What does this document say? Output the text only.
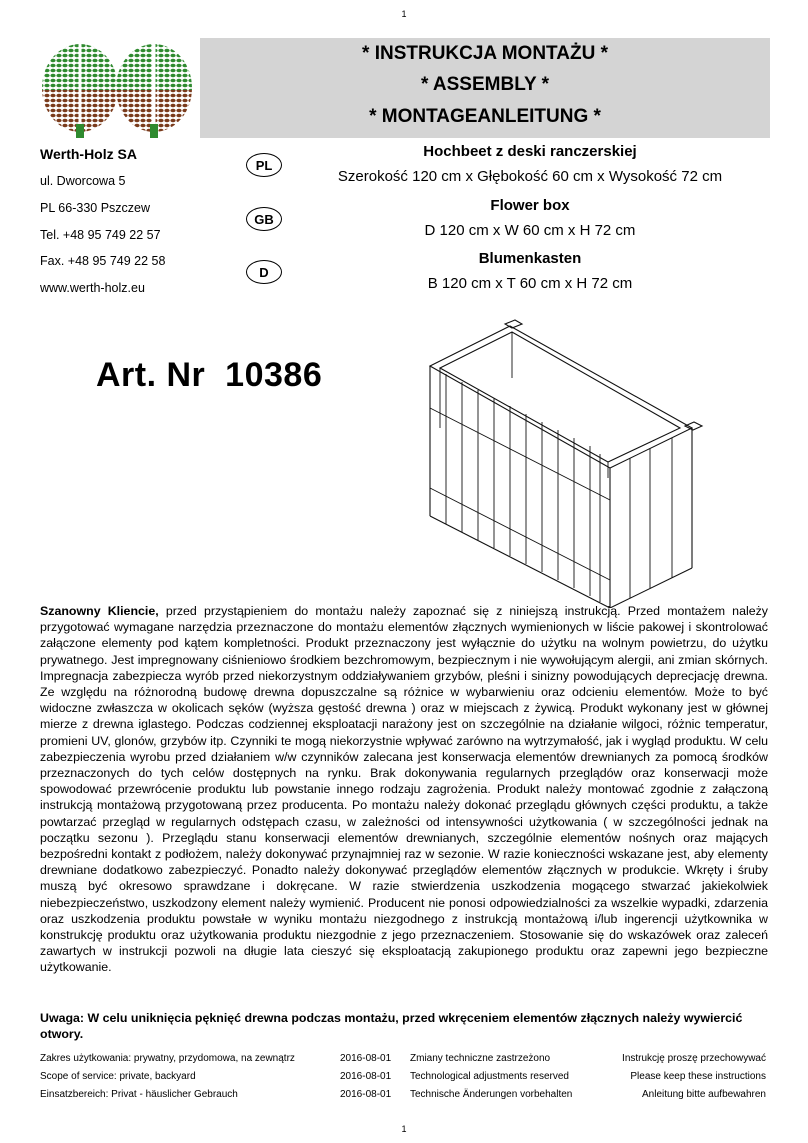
1
* INSTRUKCJA MONTAŻU *
* ASSEMBLY *
* MONTAGEANLEITUNG *
Werth-Holz SA
ul. Dworcowa 5
PL 66-330 Pszczew
Tel. +48 95 749 22 57
Fax. +48 95 749 22 58
www.werth-holz.eu
PL
GB
D
Hochbeet z deski ranczerskiej
Szerokość 120 cm x Głębokość 60 cm x Wysokość 72 cm
Flower box
D 120 cm x W 60 cm x H 72 cm
Blumenkasten
B 120 cm x T 60 cm x H 72 cm
Art. Nr  10386
Szanowny Kliencie, przed przystąpieniem do montażu należy zapoznać się z niniejszą instrukcją. Przed montażem należy przygotować wymagane narzędzia przeznaczone do montażu elementów złącznych wymienionych w liście pakowej i skontrolować załączone elementy pod kątem kompletności. Produkt przeznaczony jest wyłącznie do użytku na wolnym powietrzu, do użytku prywatnego. Jest impregnowany ciśnieniowo środkiem bezchromowym, bezpiecznym i nie wywołującym alergii, ani zmian skórnych. Impregnacja zabezpiecza wyrób przed niekorzystnym oddziaływaniem grzybów, pleśni i sinizny powodujących deprecjację drewna. Ze względu na różnorodną budowę drewna dopuszczalne są różnice w wybarwieniu oraz odcieniu elementów. Może to być widoczne zwłaszcza w okolicach sęków (wyższa gęstość drewna ) oraz w miejscach z żywicą. Produkt wykonany jest w głównej mierze z drewna iglastego. Podczas codziennej eksploatacji narażony jest on szczególnie na działanie wilgoci, różnic temperatur, promieni UV, glonów, grzybów itp. Czynniki te mogą niekorzystnie wpływać zarówno na wytrzymałość, jak i wygląd produktu. W celu zabezpieczenia wyrobu przed działaniem w/w czynników zalecana jest konserwacja elementów drewnianych za pomocą środków przeznaczonych do tych celów dostępnych na rynku. Brak dokonywania regularnych przeglądów oraz konserwacji może spowodować przewrócenie produktu lub powstanie innego rodzaju zagrożenia. Produkt należy montować zgodnie z załączoną instrukcją montażową przygotowaną przez producenta. Po montażu należy dokonać przeglądu głównych części produktu, a także powtarzać przegląd w regularnych odstępach czasu, w zależności od intensywności użytkowania ( w szczególności jednak na początku sezonu ). Przeglądu stanu konserwacji elementów drewnianych, szczególnie elementów nośnych oraz mających bezpośredni kontakt z podłożem, należy dokonywać przynajmniej raz w sezonie. W razie konieczności wskazane jest, aby elementy drewniane dodatkowo zabezpieczyć. Ponadto należy dokonywać przeglądów elementów złącznych w produkcie. Wkręty i śruby muszą być okresowo sprawdzane i dokręcane. W razie stwierdzenia uszkodzenia mogącego stwarzać jakiekolwiek niebezpieczeństwo, uszkodzony element należy wymienić. Producent nie ponosi odpowiedzialności za wszelkie wypadki, zdarzenia oraz uszkodzenia produktu powstałe w wyniku montażu niezgodnego z instrukcją montażową i/lub ingerencji użytkownika w konstrukcję produktu oraz użytkowania produktu niezgodnie z jego przeznaczeniem. Stosowanie się do wskazówek oraz zaleceń zawartych w instrukcji pozwoli na długie lata cieszyć się eksploatacją zakupionego produktu oraz zapewni jego bezpieczne użytkowanie.
Uwaga: W celu uniknięcia pęknięć drewna podczas montażu, przed wkręceniem elementów złącznych należy wywiercić otwory.
Zakres użytkowania: prywatny, przydomowa, na zewnątrz	2016-08-01 Zmiany techniczne zastrzeżono	Instrukcję proszę przechowywać
Scope of service: private, backyard	2016-08-01 Technological adjustments reserved	Please keep these instructions
Einsatzbereich: Privat - häuslicher Gebrauch	2016-08-01 Technische Änderungen vorbehalten	Anleitung bitte aufbewahren
1
